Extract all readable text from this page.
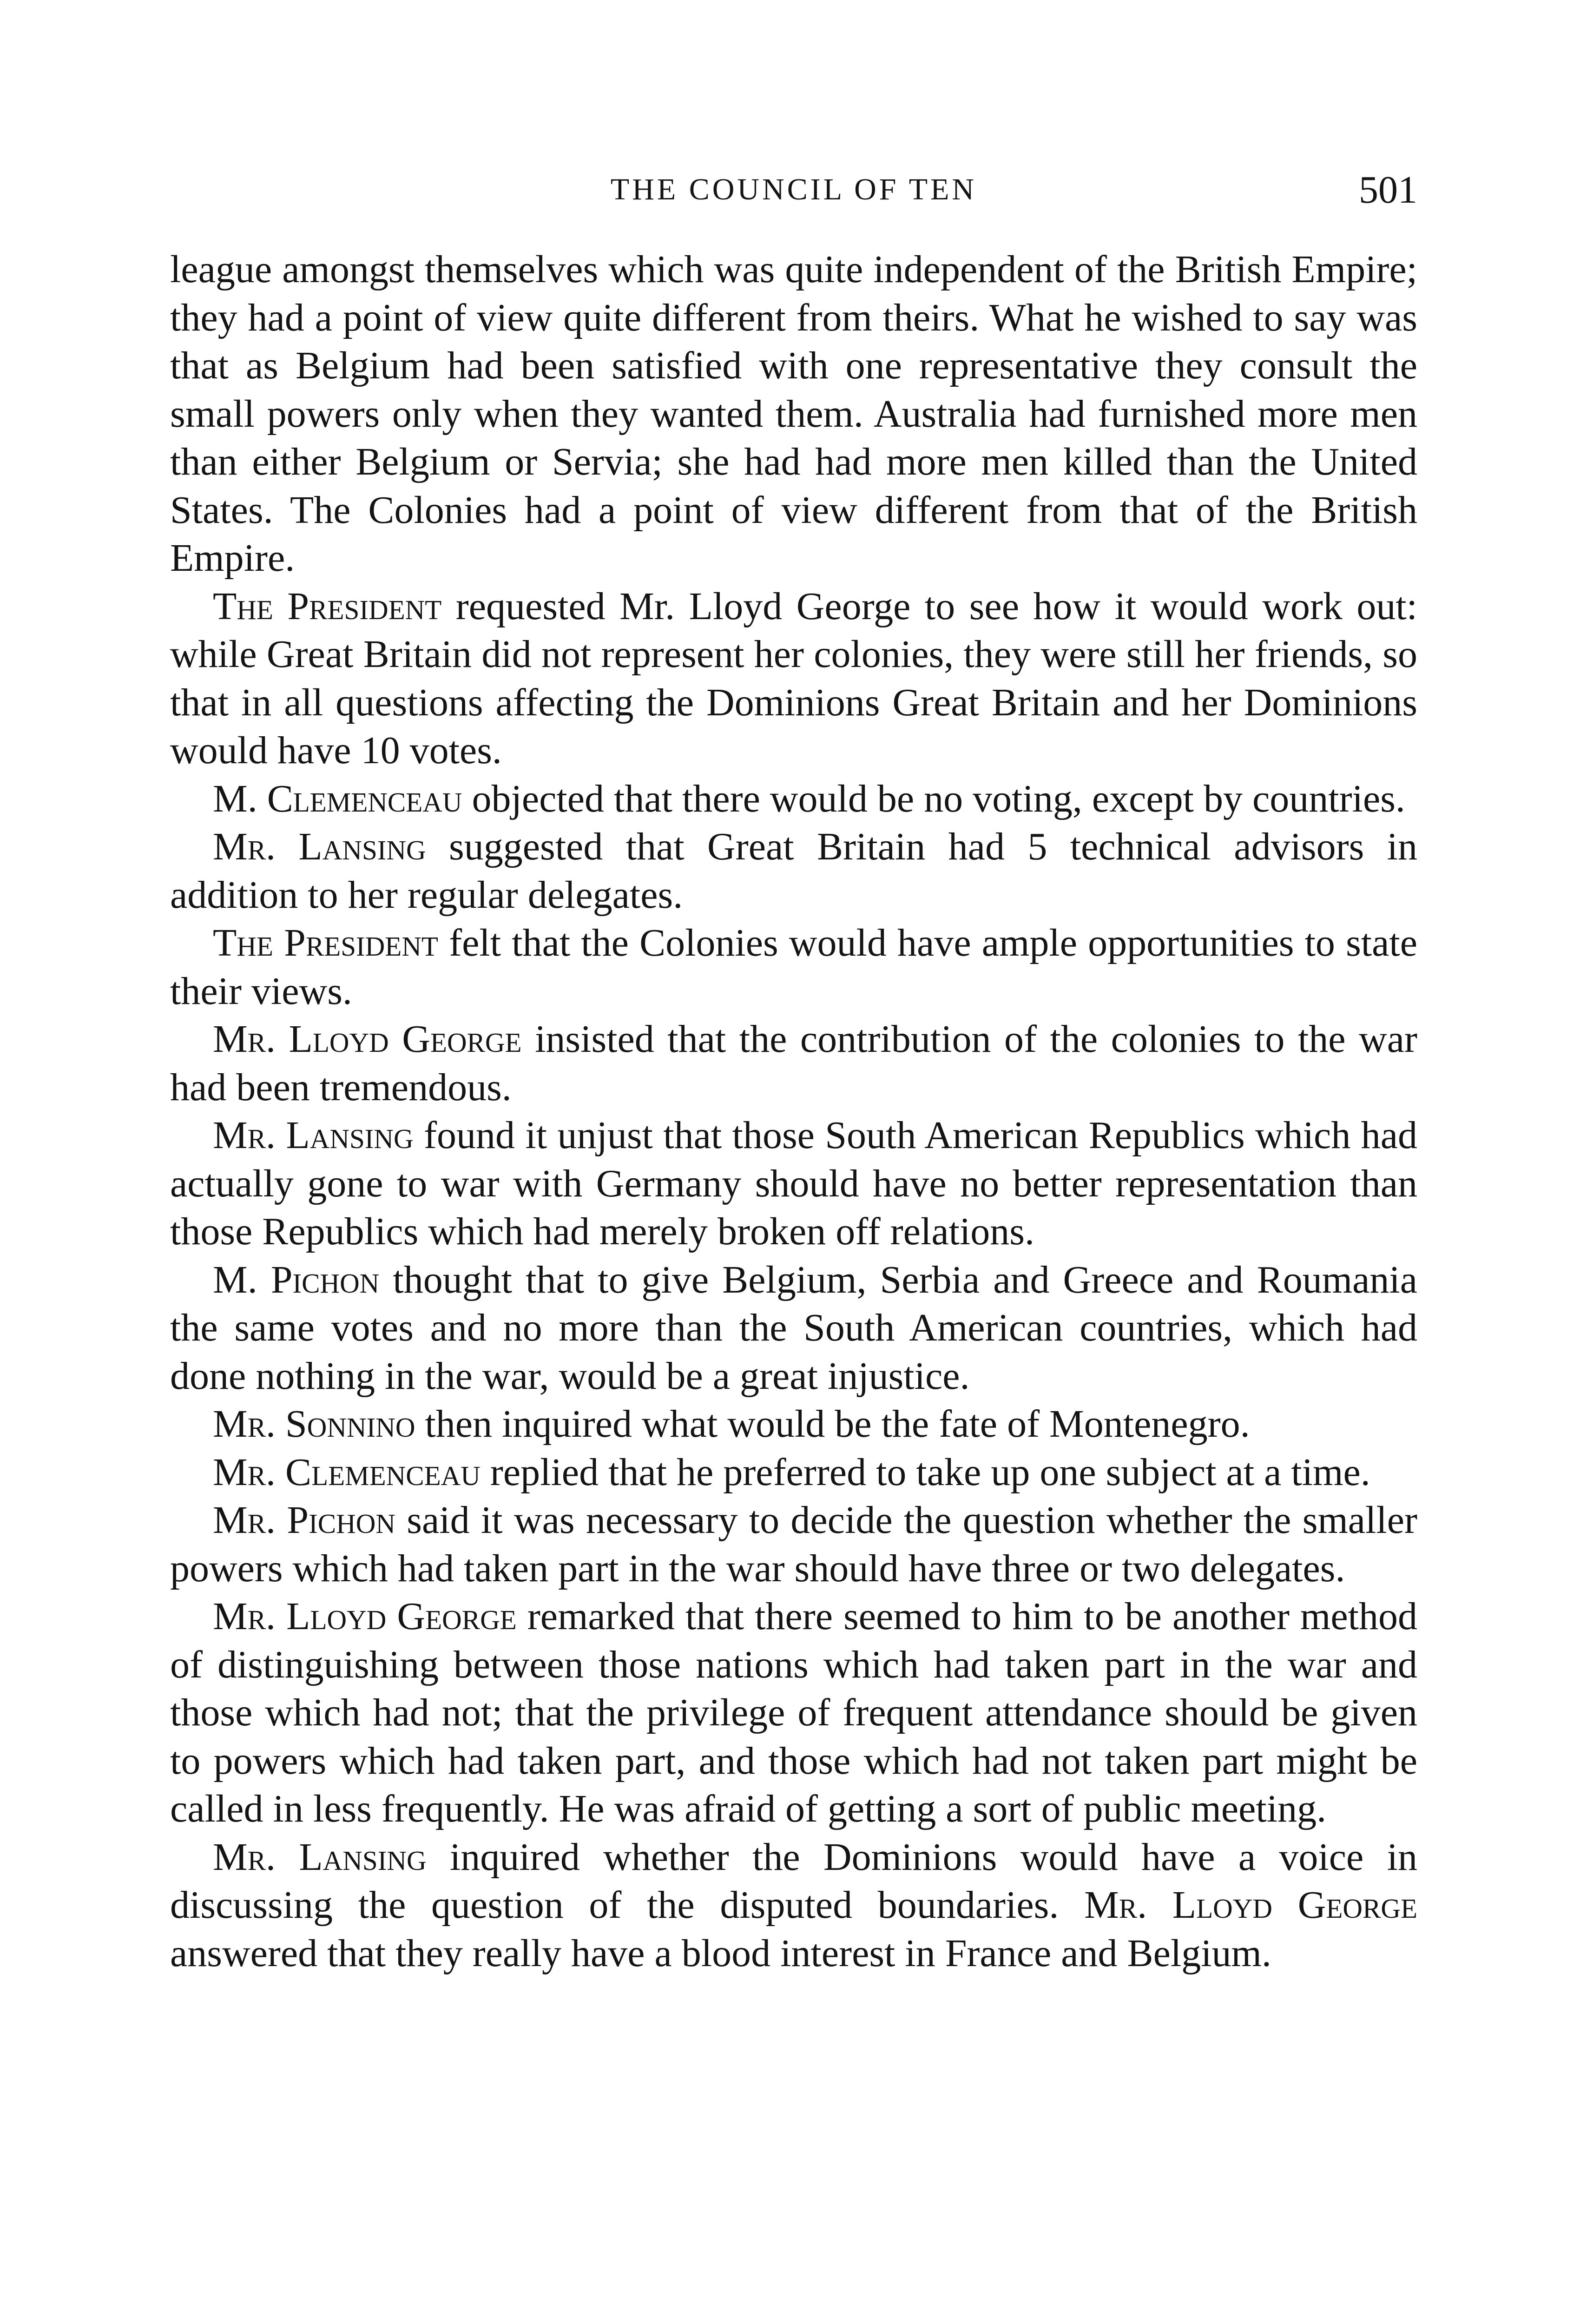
THE COUNCIL OF TEN	501

league amongst themselves which was quite independent of the British Empire; they had a point of view quite different from theirs. What he wished to say was that as Belgium had been satisfied with one representative they consult the small powers only when they wanted them. Australia had furnished more men than either Belgium or Servia; she had had more men killed than the United States. The Colonies had a point of view different from that of the British Empire.

The President requested Mr. Lloyd George to see how it would work out: while Great Britain did not represent her colonies, they were still her friends, so that in all questions affecting the Dominions Great Britain and her Dominions would have 10 votes.

M. Clemenceau objected that there would be no voting, except by countries.

Mr. Lansing suggested that Great Britain had 5 technical advisors in addition to her regular delegates.

The President felt that the Colonies would have ample opportunities to state their views.

Mr. Lloyd George insisted that the contribution of the colonies to the war had been tremendous.

Mr. Lansing found it unjust that those South American Republics which had actually gone to war with Germany should have no better representation than those Republics which had merely broken off relations.

M. Pichon thought that to give Belgium, Serbia and Greece and Roumania the same votes and no more than the South American countries, which had done nothing in the war, would be a great injustice.

Mr. Sonnino then inquired what would be the fate of Montenegro.

Mr. Clemenceau replied that he preferred to take up one subject at a time.

Mr. Pichon said it was necessary to decide the question whether the smaller powers which had taken part in the war should have three or two delegates.

Mr. Lloyd George remarked that there seemed to him to be another method of distinguishing between those nations which had taken part in the war and those which had not; that the privilege of frequent attendance should be given to powers which had taken part, and those which had not taken part might be called in less frequently. He was afraid of getting a sort of public meeting.

Mr. Lansing inquired whether the Dominions would have a voice in discussing the question of the disputed boundaries. Mr. Lloyd George answered that they really have a blood interest in France and Belgium.
